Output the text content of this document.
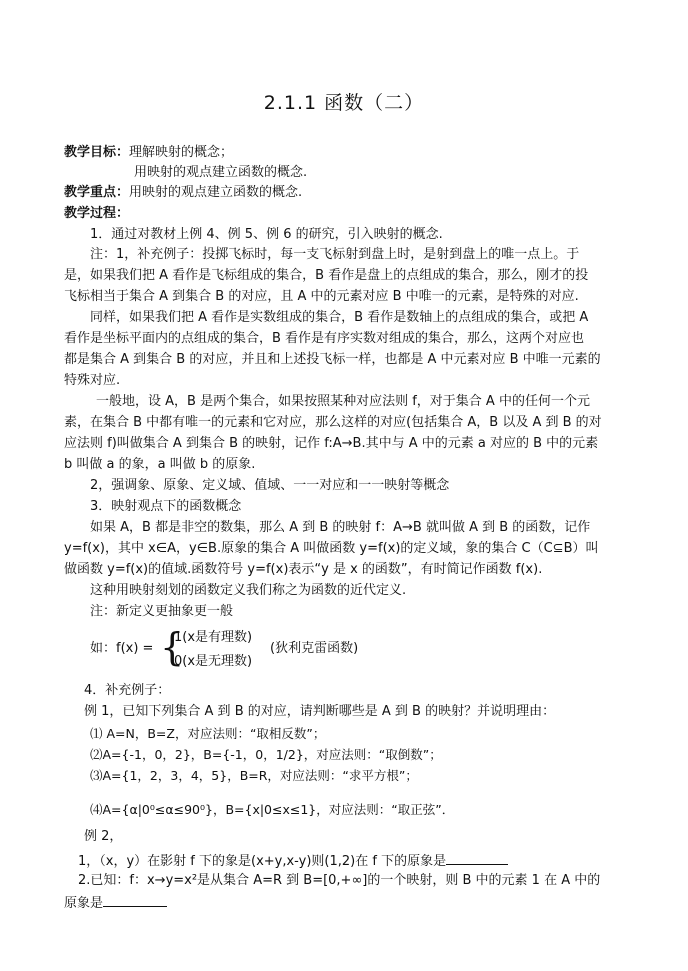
2.1.1 函数（二）
教学目标：理解映射的概念；
用映射的观点建立函数的概念.
教学重点：用映射的观点建立函数的概念.
教学过程：
1．通过对教材上例 4、例 5、例 6 的研究，引入映射的概念.
注：1，补充例子：投掷飞标时，每一支飞标射到盘上时，是射到盘上的唯一点上。于
是，如果我们把 A 看作是飞标组成的集合，B 看作是盘上的点组成的集合，那么，刚才的投
飞标相当于集合 A 到集合 B 的对应，且 A 中的元素对应 B 中唯一的元素，是特殊的对应.
同样，如果我们把 A 看作是实数组成的集合，B 看作是数轴上的点组成的集合，或把 A
看作是坐标平面内的点组成的集合，B 看作是有序实数对组成的集合，那么，这两个对应也
都是集合 A 到集合 B 的对应，并且和上述投飞标一样，也都是 A 中元素对应 B 中唯一元素的
特殊对应.
一般地，设 A，B 是两个集合，如果按照某种对应法则 f，对于集合 A 中的任何一个元
素，在集合 B 中都有唯一的元素和它对应，那么这样的对应(包括集合 A，B 以及 A 到 B 的对
应法则 f)叫做集合 A 到集合 B 的映射，记作 f:A→B.其中与 A 中的元素 a 对应的 B 中的元素
b 叫做 a 的象，a 叫做 b 的原象.
2，强调象、原象、定义域、值域、一一对应和一一映射等概念
3．映射观点下的函数概念
如果 A，B 都是非空的数集，那么 A 到 B 的映射 f：A→B 就叫做 A 到 B 的函数，记作
y=f(x)，其中 x∈A，y∈B.原象的集合 A 叫做函数 y=f(x)的定义域，象的集合 C（C⊆B）叫
做函数 y=f(x)的值域.函数符号 y=f(x)表示“y 是 x 的函数”，有时简记作函数 f(x).
这种用映射刻划的函数定义我们称之为函数的近代定义.
注：新定义更抽象更一般
如：f(x) = {
1(x是有理数)
0(x是无理数)
(狄利克雷函数)
4．补充例子：
例 1，已知下列集合 A 到 B 的对应，请判断哪些是 A 到 B 的映射？并说明理由：
⑴ A=N，B=Z，对应法则：“取相反数”；
⑵A={-1，0，2}，B={-1，0，1/2}，对应法则：“取倒数”；
⑶A={1，2，3，4，5}，B=R，对应法则：“求平方根”；
⑷A={α|0⁰≤α≤90⁰}，B={x|0≤x≤1}，对应法则：“取正弦”．
例 2，
1，（x，y）在影射 f 下的象是(x+y,x-y)则(1,2)在 f 下的原象是
2.已知：f：x→y=x²是从集合 A=R 到 B=[0,+∞]的一个映射，则 B 中的元素 1 在 A 中的
原象是
